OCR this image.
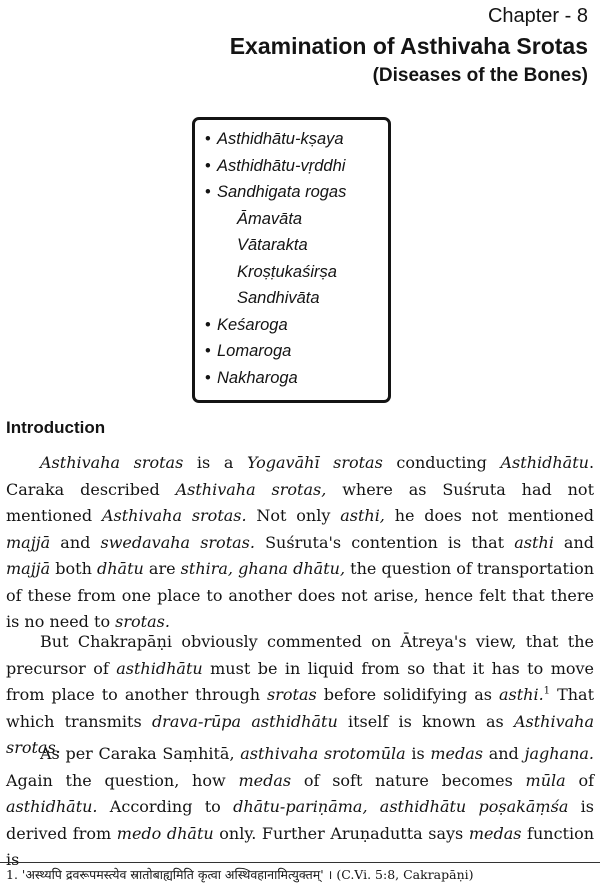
Chapter - 8
Examination of Asthivaha Srotas
(Diseases of the Bones)
• Asthidhātu-kṣaya
• Asthidhātu-vṛddhi
• Sandhigata rogas
Āmavāta
Vātarakta
Kroṣṭukaśirṣa
Sandhivāta
• Keśaroga
• Lomaroga
• Nakharoga
Introduction

Asthivaha srotas is a Yogavāhī srotas conducting Asthidhātu. Caraka described Asthivaha srotas, where as Suśruta had not mentioned Asthivaha srotas. Not only asthi, he does not mentioned majjā and swedavaha srotas. Suśruta's contention is that asthi and majjā both dhātu are sthira, ghana dhātu, the question of transportation of these from one place to another does not arise, hence felt that there is no need to srotas.

But Chakrapāṇi obviously commented on Ātreya's view, that the precursor of asthidhātu must be in liquid from so that it has to move from place to another through srotas before solidifying as asthi.$^1$ That which transmits drava-rūpa asthidhātu itself is known as Asthivaha srotas.

As per Caraka Saṃhitā, asthivaha srotomūla is medas and jaghana. Again the question, how medas of soft nature becomes mūla of asthidhātu. According to dhātu-pariṇāma, asthidhātu poṣakāṃśa is derived from medo dhātu only. Further Aruṇadutta says medas function is

1. 'अस्थ्यपि द्रवरूपमस्त्येव स्रातोबाह्यमिति कृत्वा अस्थिवहानामित्युक्तम्' । (C.Vi. 5:8, Cakrapāṇi)
